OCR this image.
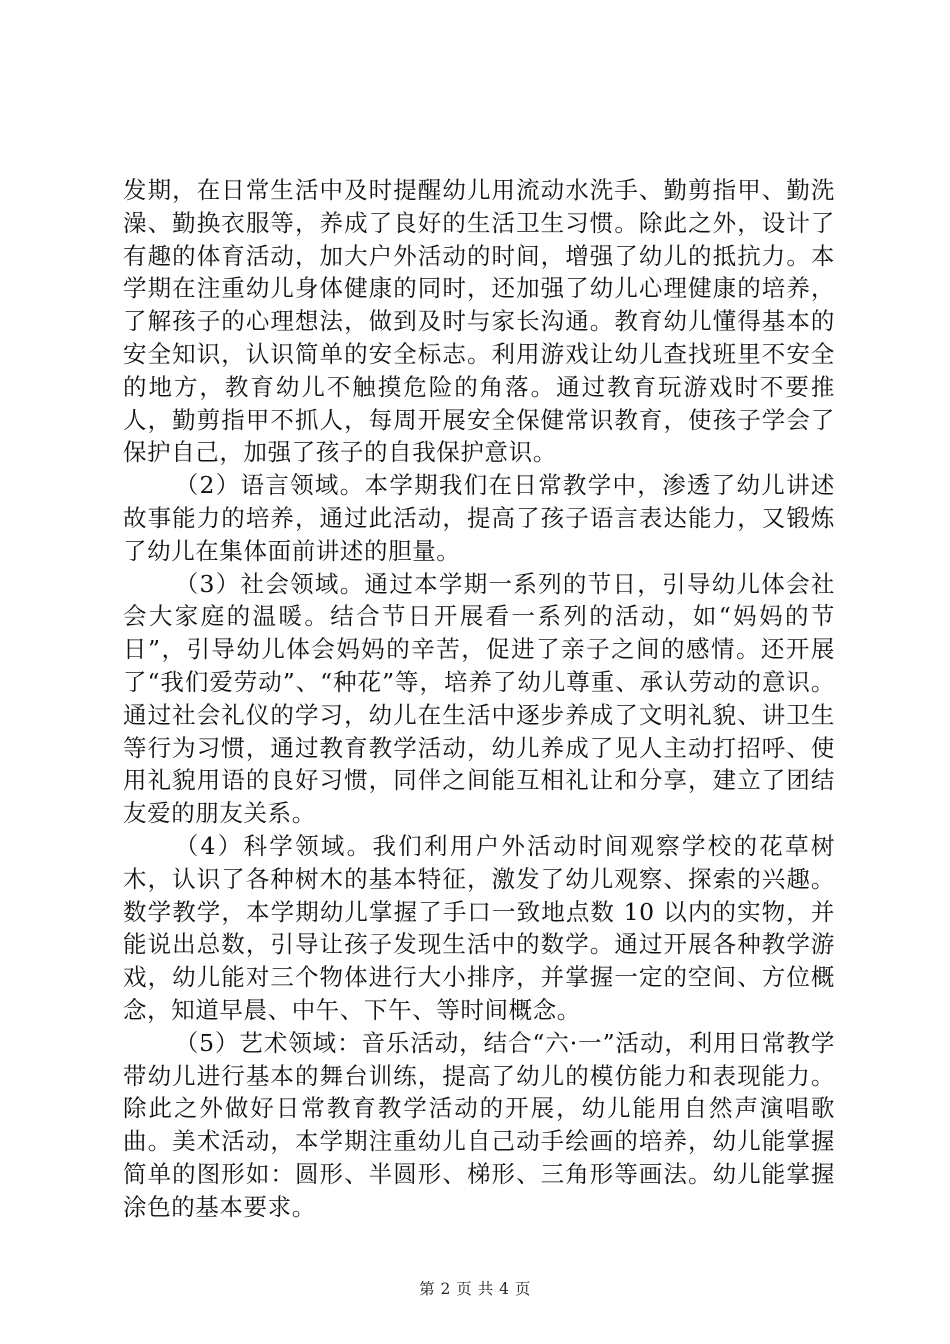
发期，在日常生活中及时提醒幼儿用流动水洗手、勤剪指甲、勤洗澡、勤换衣服等，养成了良好的生活卫生习惯。除此之外，设计了有趣的体育活动，加大户外活动的时间，增强了幼儿的抵抗力。本学期在注重幼儿身体健康的同时，还加强了幼儿心理健康的培养，了解孩子的心理想法，做到及时与家长沟通。教育幼儿懂得基本的安全知识，认识简单的安全标志。利用游戏让幼儿查找班里不安全的地方，教育幼儿不触摸危险的角落。通过教育玩游戏时不要推人，勤剪指甲不抓人，每周开展安全保健常识教育，使孩子学会了保护自己，加强了孩子的自我保护意识。

（2）语言领域。本学期我们在日常教学中，渗透了幼儿讲述故事能力的培养，通过此活动，提高了孩子语言表达能力，又锻炼了幼儿在集体面前讲述的胆量。

（3）社会领域。通过本学期一系列的节日，引导幼儿体会社会大家庭的温暖。结合节日开展看一系列的活动，如“妈妈的节日”，引导幼儿体会妈妈的辛苦，促进了亲子之间的感情。还开展了“我们爱劳动”、“种花”等，培养了幼儿尊重、承认劳动的意识。通过社会礼仪的学习，幼儿在生活中逐步养成了文明礼貌、讲卫生等行为习惯，通过教育教学活动，幼儿养成了见人主动打招呼、使用礼貌用语的良好习惯，同伴之间能互相礼让和分享，建立了团结友爱的朋友关系。

（4）科学领域。我们利用户外活动时间观察学校的花草树木，认识了各种树木的基本特征，激发了幼儿观察、探索的兴趣。数学教学，本学期幼儿掌握了手口一致地点数 10 以内的实物，并能说出总数，引导让孩子发现生活中的数学。通过开展各种教学游戏，幼儿能对三个物体进行大小排序，并掌握一定的空间、方位概念，知道早晨、中午、下午、等时间概念。

（5）艺术领域：音乐活动，结合“六·一”活动，利用日常教学带幼儿进行基本的舞台训练，提高了幼儿的模仿能力和表现能力。除此之外做好日常教育教学活动的开展，幼儿能用自然声演唱歌曲。美术活动，本学期注重幼儿自己动手绘画的培养，幼儿能掌握简单的图形如：圆形、半圆形、梯形、三角形等画法。幼儿能掌握涂色的基本要求。

第 2 页 共 4 页
